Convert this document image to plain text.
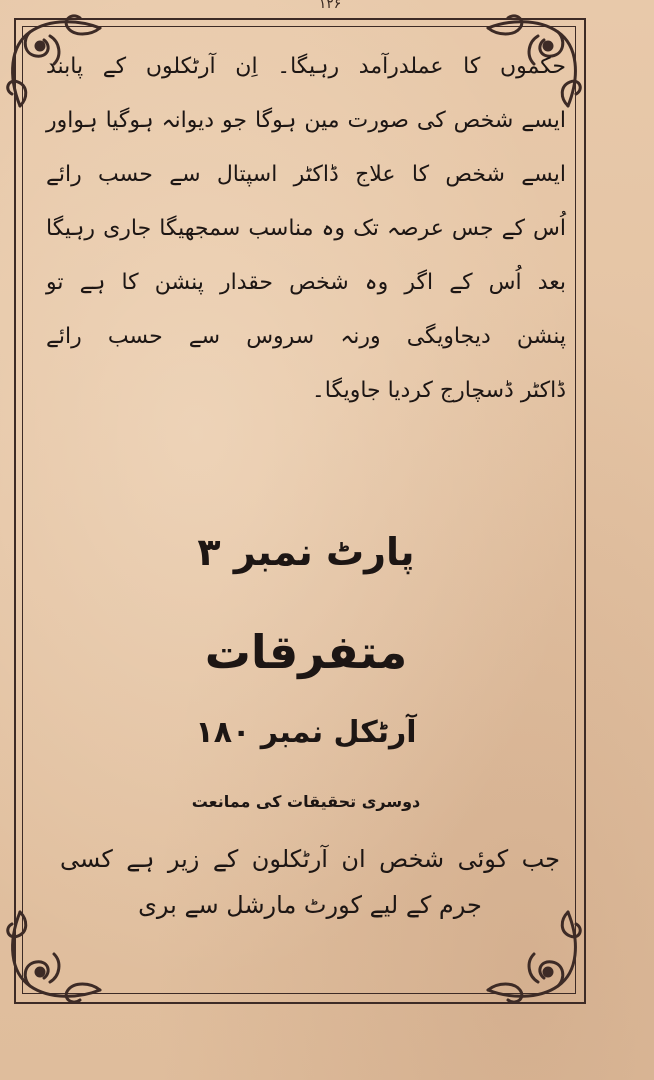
۱۲۶
حکموں کا عملدرآمد رہیگا۔ اِن آرٹکلوں کے پابند
ایسے شخص کی صورت مین ہوگا جو دیوانہ ہوگیا ہواور
ایسے شخص کا علاج ڈاکٹر اسپتال سے حسب رائے
اُس کے جس عرصہ تک وہ مناسب سمجھیگا جاری رہیگا
بعد اُس کے اگر وہ شخص حقدار پنشن کا ہے تو
پنشن دیجاویگی ورنہ سروس سے حسب رائے
ڈاکٹر ڈسچارج کردیا جاویگا۔
پارٹ نمبر ۳
متفرقات
آرٹکل نمبر ۱۸۰
دوسری تحقیقات کی ممانعت
جب کوئی شخص ان آرٹکلون کے زیر ہے کسی
جرم کے لیے کورٹ مارشل سے بری
